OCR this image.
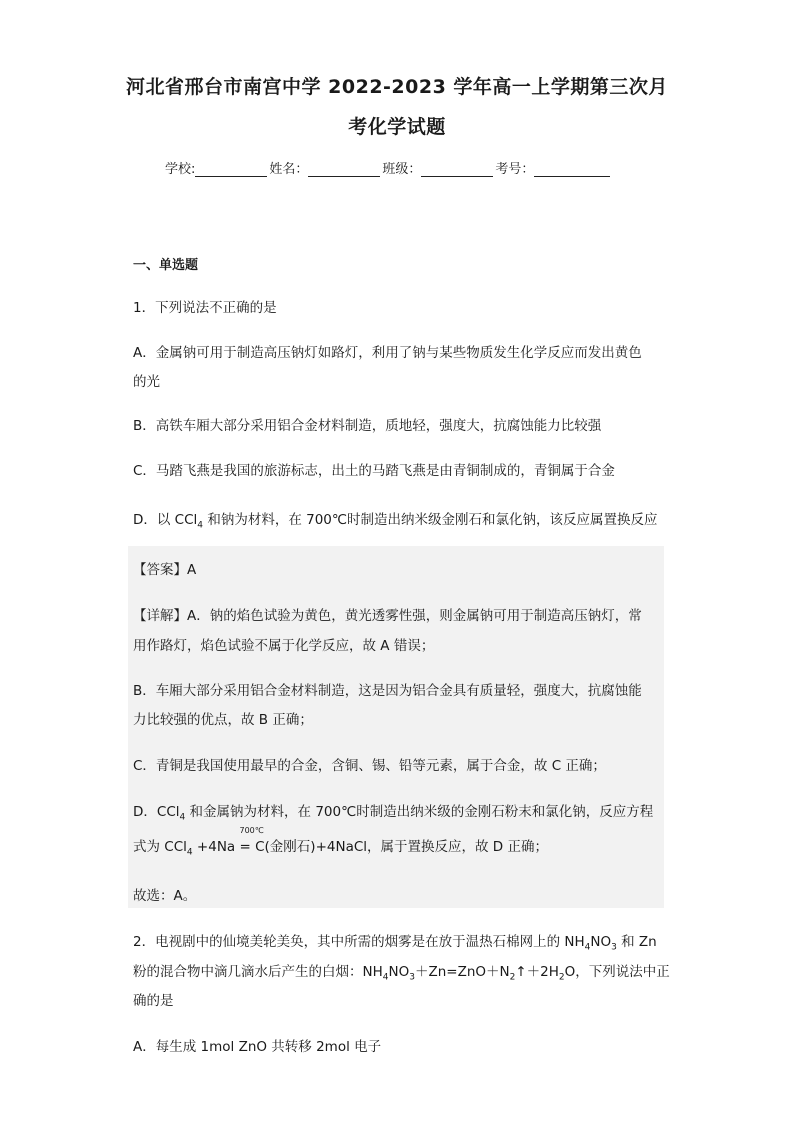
河北省邢台市南宫中学 2022-2023 学年高一上学期第三次月
考化学试题
学校:	姓名：	班级：	考号：
一、单选题
1．下列说法不正确的是
A．金属钠可用于制造高压钠灯如路灯，利用了钠与某些物质发生化学反应而发出黄色
的光
B．高铁车厢大部分采用铝合金材料制造，质地轻，强度大，抗腐蚀能力比较强
C．马踏飞燕是我国的旅游标志，出土的马踏飞燕是由青铜制成的，青铜属于合金
D．以 CCl$_4$ 和钠为材料，在 700℃时制造出纳米级金刚石和氯化钠，该反应属置换反应
【答案】A
【详解】A．钠的焰色试验为黄色，黄光透雾性强，则金属钠可用于制造高压钠灯，常
用作路灯，焰色试验不属于化学反应，故 A 错误；
B．车厢大部分采用铝合金材料制造，这是因为铝合金具有质量轻，强度大，抗腐蚀能
力比较强的优点，故 B 正确；
C．青铜是我国使用最早的合金，含铜、锡、铅等元素，属于合金，故 C 正确；
D．CCl$_4$ 和金属钠为材料，在 700℃时制造出纳米级的金刚石粉末和氯化钠，反应方程
式为 CCl$_4$ +4Na
700℃
= C(金刚石)+4NaCl，属于置换反应，故 D 正确；
故选：A。
2．电视剧中的仙境美轮美奂，其中所需的烟雾是在放于温热石棉网上的 $NH_4NO_3$ 和 Zn
粉的混合物中滴几滴水后产生的白烟：$NH_4NO_3+Zn=ZnO+N_2↑+2H_2O$，下列说法中正
确的是
A．每生成 1mol ZnO 共转移 2mol 电子
